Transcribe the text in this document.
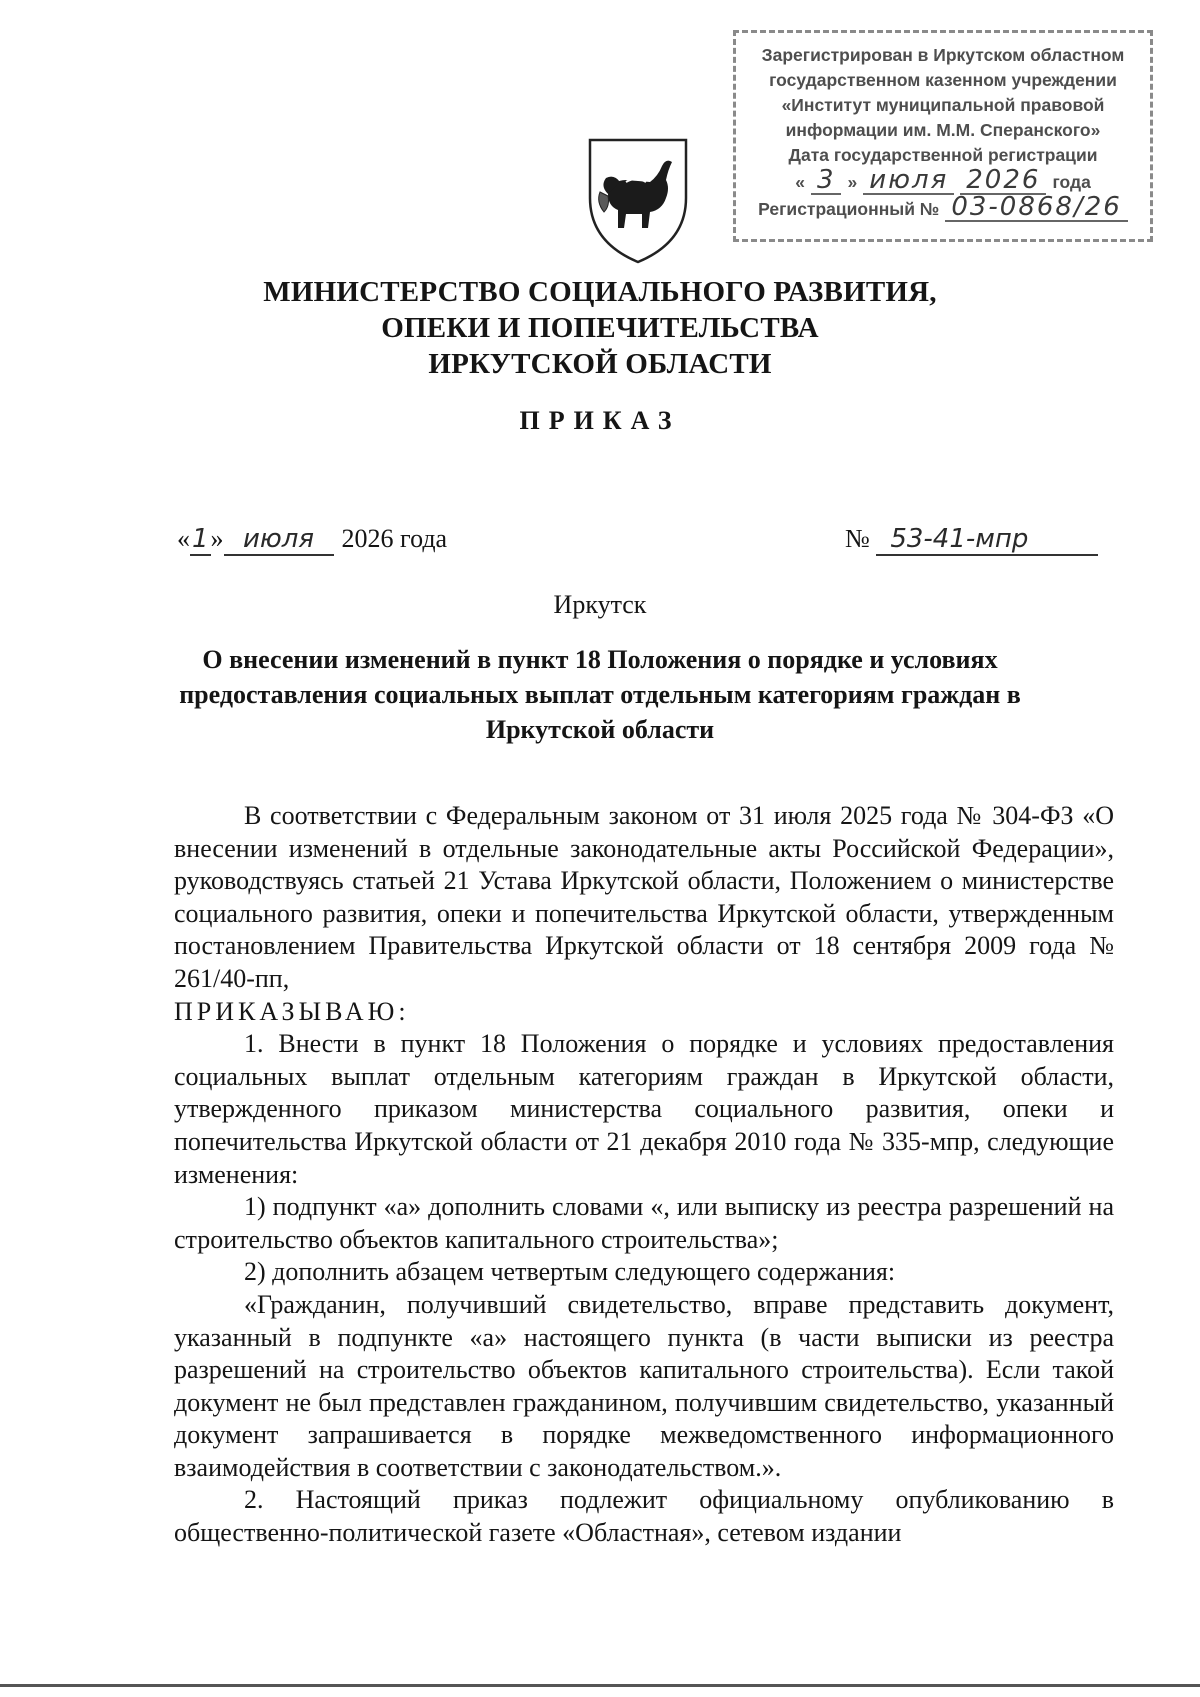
Зарегистрирован в Иркутском областном
государственном казенном учреждении
«Институт муниципальной правовой
информации им. М.М. Сперанского»
Дата государственной регистрации
« 3 » июля 2026 года
Регистрационный № 03-0868/26
МИНИСТЕРСТВО СОЦИАЛЬНОГО РАЗВИТИЯ,
ОПЕКИ И ПОПЕЧИТЕЛЬСТВА
ИРКУТСКОЙ ОБЛАСТИ
ПРИКАЗ
«1» июля 2026 года	№ 53-41-мпр
Иркутск
О внесении изменений в пункт 18 Положения о порядке и условиях
предоставления социальных выплат отдельным категориям граждан в
Иркутской области

В соответствии с Федеральным законом от 31 июля 2025 года № 304-ФЗ «О внесении изменений в отдельные законодательные акты Российской Федерации», руководствуясь статьей 21 Устава Иркутской области, Положением о министерстве социального развития, опеки и попечительства Иркутской области, утвержденным постановлением Правительства Иркутской области от 18 сентября 2009 года № 261/40-пп,

ПРИКАЗЫВАЮ:

1. Внести в пункт 18 Положения о порядке и условиях предоставления социальных выплат отдельным категориям граждан в Иркутской области, утвержденного приказом министерства социального развития, опеки и попечительства Иркутской области от 21 декабря 2010 года № 335-мпр, следующие изменения:

1) подпункт «а» дополнить словами «, или выписку из реестра разрешений на строительство объектов капитального строительства»;

2) дополнить абзацем четвертым следующего содержания:

«Гражданин, получивший свидетельство, вправе представить документ, указанный в подпункте «а» настоящего пункта (в части выписки из реестра разрешений на строительство объектов капитального строительства). Если такой документ не был представлен гражданином, получившим свидетельство, указанный документ запрашивается в порядке межведомственного информационного взаимодействия в соответствии с законодательством.».

2. Настоящий приказ подлежит официальному опубликованию в общественно-политической газете «Областная», сетевом издании
